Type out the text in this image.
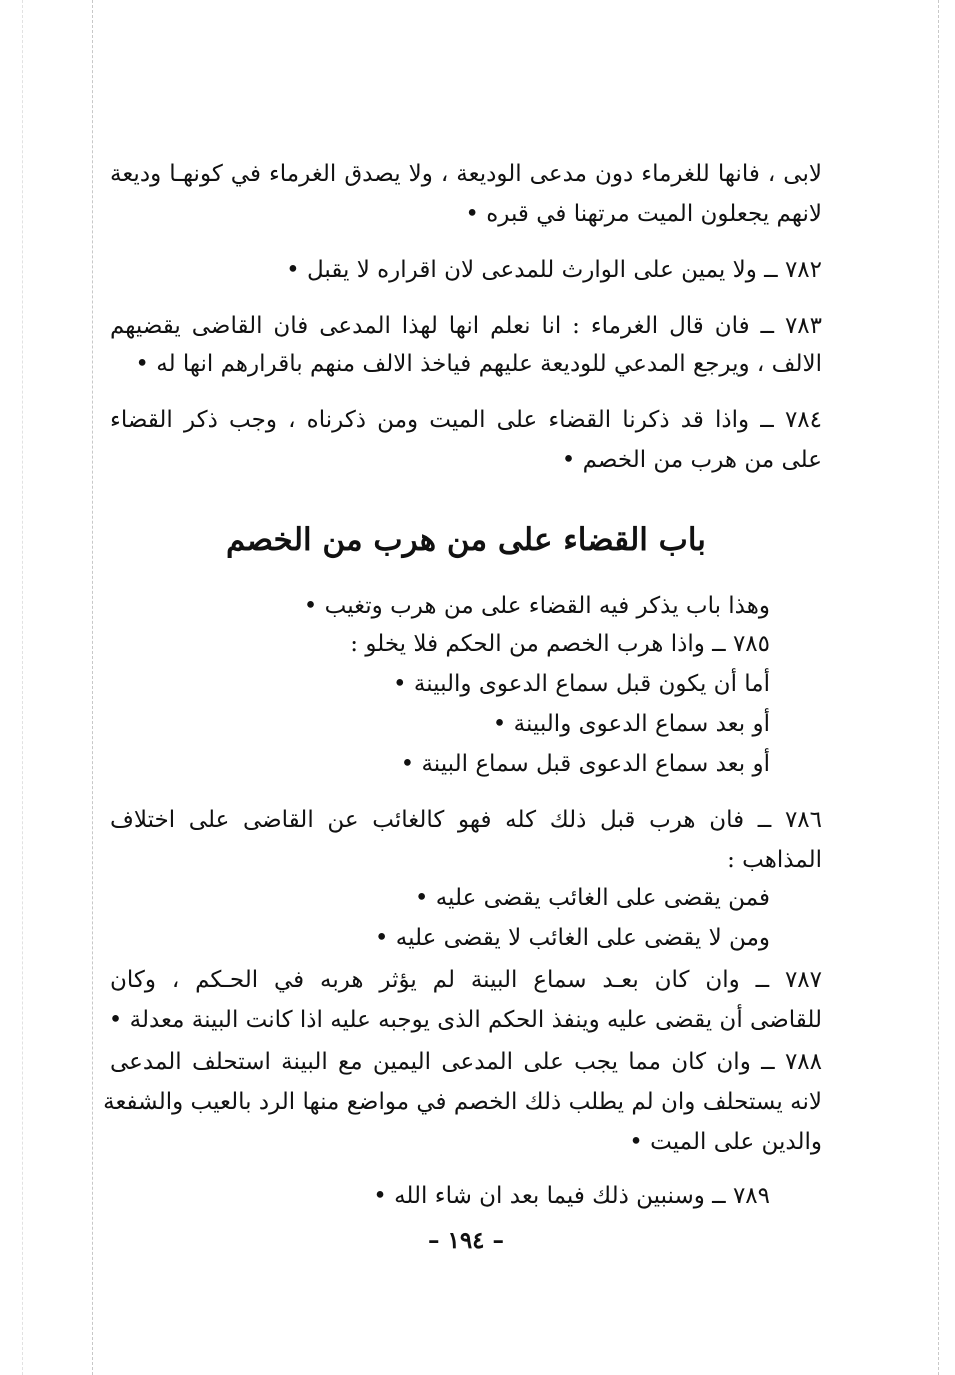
لابى ، فانها للغرماء دون مدعى الوديعة ، ولا يصدق الغرماء في كونهـا وديعة
لانهم يجعلون الميت مرتهنا في قبره •
٧٨٢ ــ ولا يمين على الوارث للمدعى لان اقراره لا يقبل •
٧٨٣ ــ فان قال الغرماء : انا نعلم انها لهذا المدعى فان القاضى يقضيهم
الالف ، ويرجع المدعي للوديعة عليهم فياخذ الالف منهم باقرارهم انها له •
٧٨٤ ــ واذا قد ذكرنا القضاء على الميت ومن ذكرناه ، وجب ذكر القضاء
على من هرب من الخصم •
باب القضاء على من هرب من الخصم
وهذا باب يذكر فيه القضاء على من هرب وتغيب •
٧٨٥ ــ واذا هرب الخصم من الحكم فلا يخلو :
أما أن يكون قبل سماع الدعوى والبينة •
أو بعد سماع الدعوى والبينة •
أو بعد سماع الدعوى قبل سماع البينة •
٧٨٦ ــ فان هرب قبل ذلك كله فهو كالغائب عن القاضى على اختلاف
المذاهب :
فمن يقضى على الغائب يقضى عليه •
ومن لا يقضى على الغائب لا يقضى عليه •
٧٨٧ ــ وان كان بعـد سماع البينة لم يؤثر هربه في الحـكم ، وكان
للقاضى أن يقضى عليه وينفذ الحكم الذى يوجبه عليه اذا كانت البينة معدلة •
٧٨٨ ــ وان كان مما يجب على المدعى اليمين مع البينة استحلف المدعى
لانه يستحلف وان لم يطلب ذلك الخصم في مواضع منها الرد بالعيب والشفعة
والدين على الميت •
٧٨٩ ــ وسنبين ذلك فيما بعد ان شاء الله •
– ١٩٤ –
